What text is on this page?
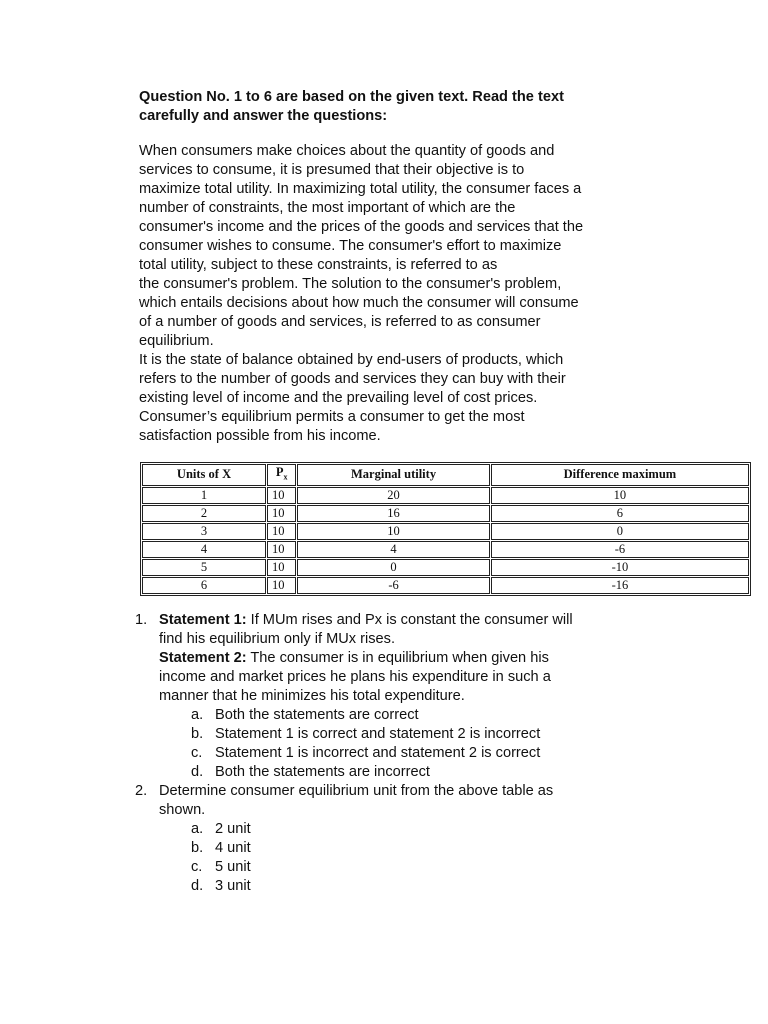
Question No. 1 to 6 are based on the given text. Read the text
carefully and answer the questions:
When consumers make choices about the quantity of goods and
services to consume, it is presumed that their objective is to
maximize total utility. In maximizing total utility, the consumer faces a
number of constraints, the most important of which are the
consumer's income and the prices of the goods and services that the
consumer wishes to consume. The consumer's effort to maximize
total utility, subject to these constraints, is referred to as
the consumer's problem. The solution to the consumer's problem,
which entails decisions about how much the consumer will consume
of a number of goods and services, is referred to as consumer
equilibrium.
It is the state of balance obtained by end-users of products, which
refers to the number of goods and services they can buy with their
existing level of income and the prevailing level of cost prices.
Consumer’s equilibrium permits a consumer to get the most
satisfaction possible from his income.
Units of X	$P_x$	Marginal utility	Difference maximum
1	10	20	10
2	10	16	6
3	10	10	0
4	10	4	-6
5	10	0	-10
6	10	-6	-16
1. Statement 1: If MUm rises and Px is constant the consumer will
find his equilibrium only if MUx rises.
Statement 2: The consumer is in equilibrium when given his
income and market prices he plans his expenditure in such a
manner that he minimizes his total expenditure.
a. Both the statements are correct
b. Statement 1 is correct and statement 2 is incorrect
c. Statement 1 is incorrect and statement 2 is correct
d. Both the statements are incorrect
2. Determine consumer equilibrium unit from the above table as
shown.
a. 2 unit
b. 4 unit
c. 5 unit
d. 3 unit
